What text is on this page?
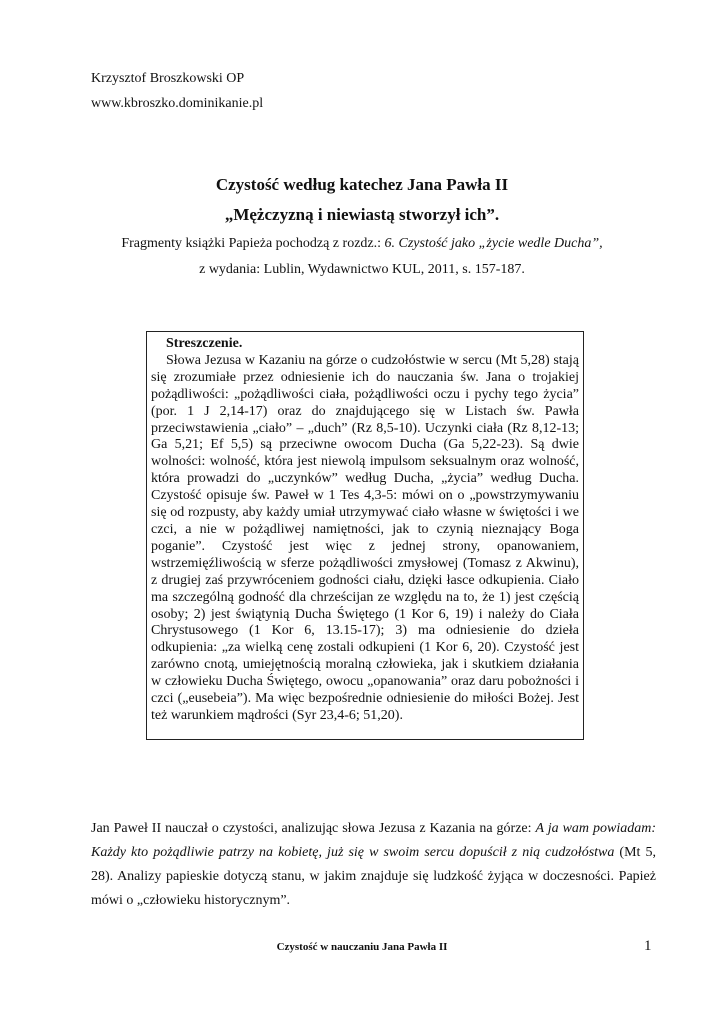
Krzysztof Broszkowski OP
www.kbroszko.dominikanie.pl
Czystość według katechez Jana Pawła II
„Mężczyzną i niewiastą stworzył ich”.
Fragmenty książki Papieża pochodzą z rozdz.: 6. Czystość jako „życie wedle Ducha”,
z wydania: Lublin, Wydawnictwo KUL, 2011, s. 157-187.
Streszczenie.

Słowa Jezusa w Kazaniu na górze o cudzołóstwie w sercu (Mt 5,28) stają się zrozumiałe przez odniesienie ich do nauczania św. Jana o trojakiej pożądliwości: „pożądliwości ciała, pożądliwości oczu i pychy tego życia” (por. 1 J 2,14-17) oraz do znajdującego się w Listach św. Pawła przeciwstawienia „ciało” – „duch” (Rz 8,5-10). Uczynki ciała (Rz 8,12-13; Ga 5,21; Ef 5,5) są przeciwne owocom Ducha (Ga 5,22-23). Są dwie wolności: wolność, która jest niewolą impulsom seksualnym oraz wolność, która prowadzi do „uczynków” według Ducha, „życia” według Ducha. Czystość opisuje św. Paweł w 1 Tes 4,3-5: mówi on o „powstrzymywaniu się od rozpusty, aby każdy umiał utrzymywać ciało własne w świętości i we czci, a nie w pożądliwej namiętności, jak to czynią nieznający Boga poganie”. Czystość jest więc z jednej strony, opanowaniem, wstrzemięźliwością w sferze pożądliwości zmysłowej (Tomasz z Akwinu), z drugiej zaś przywróceniem godności ciału, dzięki łasce odkupienia. Ciało ma szczególną godność dla chrześcijan ze względu na to, że 1) jest częścią osoby; 2) jest świątynią Ducha Świętego (1 Kor 6, 19) i należy do Ciała Chrystusowego (1 Kor 6, 13.15-17); 3) ma odniesienie do dzieła odkupienia: „za wielką cenę zostali odkupieni (1 Kor 6, 20). Czystość jest zarówno cnotą, umiejętnością moralną człowieka, jak i skutkiem działania w człowieku Ducha Świętego, owocu „opanowania” oraz daru pobożności i czci („eusebeia”). Ma więc bezpośrednie odniesienie do miłości Bożej. Jest też warunkiem mądrości (Syr 23,4-6; 51,20).

Jan Paweł II nauczał o czystości, analizując słowa Jezusa z Kazania na górze: A ja wam powiadam: Każdy kto pożądliwie patrzy na kobietę, już się w swoim sercu dopuścił z nią cudzołóstwa (Mt 5, 28). Analizy papieskie dotyczą stanu, w jakim znajduje się ludzkość żyjąca w doczesności. Papież mówi o „człowieku historycznym”.

Czystość w nauczaniu Jana Pawła II	1
